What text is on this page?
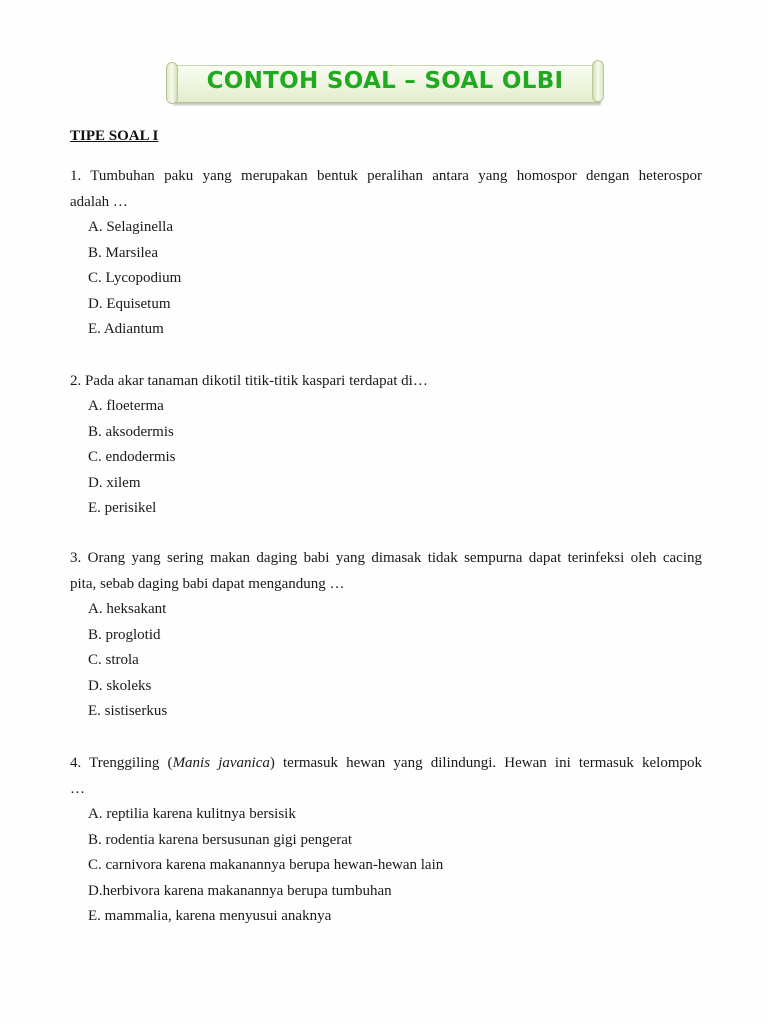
CONTOH SOAL – SOAL OLBI
TIPE SOAL I
1. Tumbuhan paku yang merupakan bentuk peralihan antara yang homospor dengan heterospor
adalah …
A. Selaginella
B. Marsilea
C. Lycopodium
D. Equisetum
E. Adiantum
2. Pada akar tanaman dikotil titik-titik kaspari terdapat di…
A. floeterma
B. aksodermis
C. endodermis
D. xilem
E. perisikel
3. Orang yang sering makan daging babi yang dimasak tidak sempurna dapat terinfeksi oleh cacing
pita, sebab daging babi dapat mengandung …
A. heksakant
B. proglotid
C. strola
D. skoleks
E. sistiserkus
4. Trenggiling (Manis javanica) termasuk hewan yang dilindungi. Hewan ini termasuk kelompok
…
A. reptilia karena kulitnya bersisik
B. rodentia karena bersusunan gigi pengerat
C. carnivora karena makanannya berupa hewan-hewan lain
D.herbivora karena makanannya berupa tumbuhan
E. mammalia, karena menyusui anaknya
